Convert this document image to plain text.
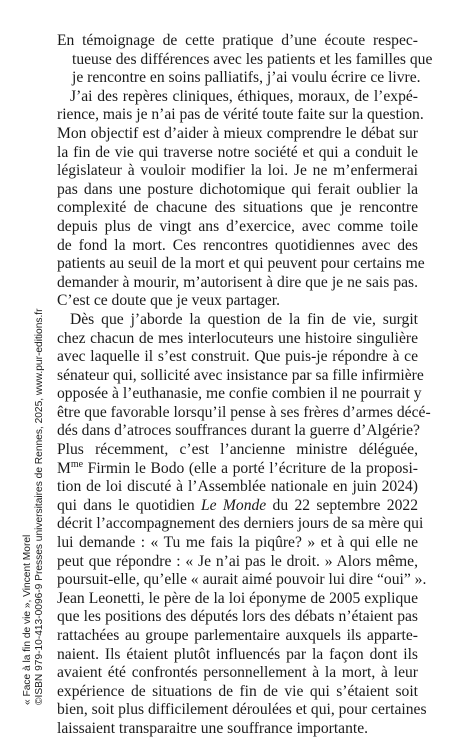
En témoignage de cette pratique d’une écoute respec-
tueuse des différences avec les patients et les familles que
je rencontre en soins palliatifs, j’ai voulu écrire ce livre.
J’ai des repères cliniques, éthiques, moraux, de l’expé-
rience, mais je n’ai pas de vérité toute faite sur la question.
Mon objectif est d’aider à mieux comprendre le débat sur
la fin de vie qui traverse notre société et qui a conduit le
législateur à vouloir modifier la loi. Je ne m’enfermerai
pas dans une posture dichotomique qui ferait oublier la
complexité de chacune des situations que je rencontre
depuis plus de vingt ans d’exercice, avec comme toile
de fond la mort. Ces rencontres quotidiennes avec des
patients au seuil de la mort et qui peuvent pour certains me
demander à mourir, m’autorisent à dire que je ne sais pas.
C’est ce doute que je veux partager.
Dès que j’aborde la question de la fin de vie, surgit
chez chacun de mes interlocuteurs une histoire singulière
avec laquelle il s’est construit. Que puis-je répondre à ce
sénateur qui, sollicité avec insistance par sa fille infirmière
opposée à l’euthanasie, me confie combien il ne pourrait y
être que favorable lorsqu’il pense à ses frères d’armes décé-
dés dans d’atroces souffrances durant la guerre d’Algérie?
Plus récemment, c’est l’ancienne ministre déléguée,
$M^{me}$ Firmin le Bodo (elle a porté l’écriture de la proposi-
tion de loi discuté à l’Assemblée nationale en juin 2024)
qui dans le quotidien Le Monde du 22 septembre 2022
décrit l’accompagnement des derniers jours de sa mère qui
lui demande : « Tu me fais la piqûre? » et à qui elle ne
peut que répondre : « Je n’ai pas le droit. » Alors même,
poursuit-elle, qu’elle « aurait aimé pouvoir lui dire “oui” ».
Jean Leonetti, le père de la loi éponyme de 2005 explique
que les positions des députés lors des débats n’étaient pas
rattachées au groupe parlementaire auxquels ils apparte-
naient. Ils étaient plutôt influencés par la façon dont ils
avaient été confrontés personnellement à la mort, à leur
expérience de situations de fin de vie qui s’étaient soit
bien, soit plus difficilement déroulées et qui, pour certaines
laissaient transparaitre une souffrance importante.
« Face à la fin de vie », Vincent Morel ©ISBN 979-10-413-0096-9 Presses universitaires de Rennes, 2025, www.pur-editions.fr
